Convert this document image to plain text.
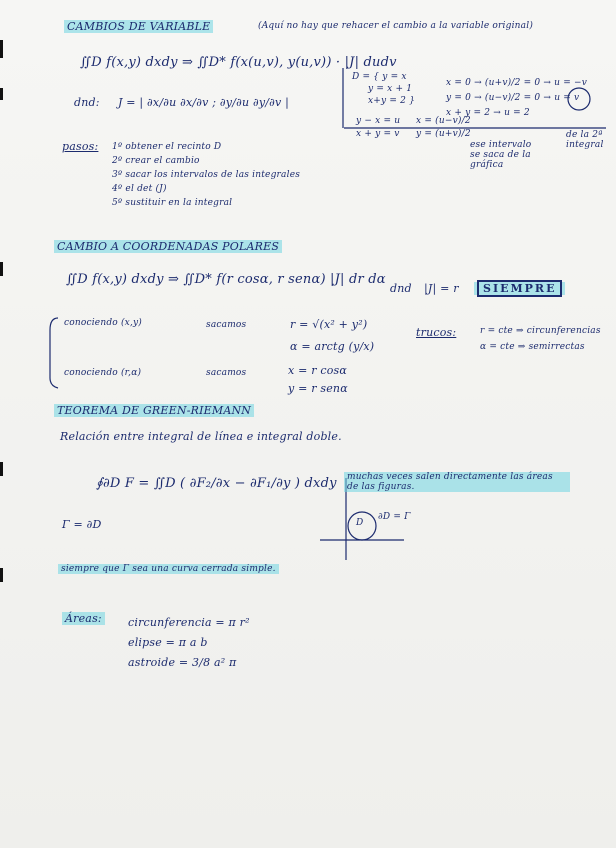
CAMBIOS DE VARIABLE	(Aquí no hay que rehacer el cambio a la variable original)
∬D f(x,y) dxdy ⇒ ∬D* f(x(u,v), y(u,v)) · |J| dudv
D = { y = x
y = x + 1
x+y = 2 }
x = 0 → (u+v)/2 = 0 → u = −v
y = 0 → (u−v)/2 = 0 → u = v
x + y = 2 → u = 2
y − x = u
x + y = v
x = (u−v)/2
y = (u+v)/2
ese intervalo se saca de la gráfica
de la 2ª integral
dnd: J = | ∂x/∂u ∂x/∂v ; ∂y/∂u ∂y/∂v |
pasos: 1º obtener el recinto D
2º crear el cambio
3º sacar los intervalos de las integrales
4º el det (J)
5º sustituir en la integral
CAMBIO A COORDENADAS POLARES
∬D f(x,y) dxdy ⇒ ∬D* f(r cosα, r senα) |J| dr dα
dnd |J| = r	SIEMPRE
conociendo (x,y)	sacamos	r = √(x² + y²)
α = arctg (y/x)
trucos:	r = cte ⇒ circunferencias
α = cte ⇒ semirrectas
conociendo (r,α)	sacamos	x = r cosα
y = r senα
TEOREMA DE GREEN-RIEMANN
Relación entre integral de línea e integral doble.
∮∂D F = ∬D ( ∂F₂/∂x − ∂F₁/∂y ) dxdy
Γ = ∂D
muchas veces salen directamente las áreas de las figuras.
D
∂D = Γ
siempre que Γ sea una curva cerrada simple.
Áreas: circunferencia = π r²
elipse = π a b
astroide = 3/8 a² π
